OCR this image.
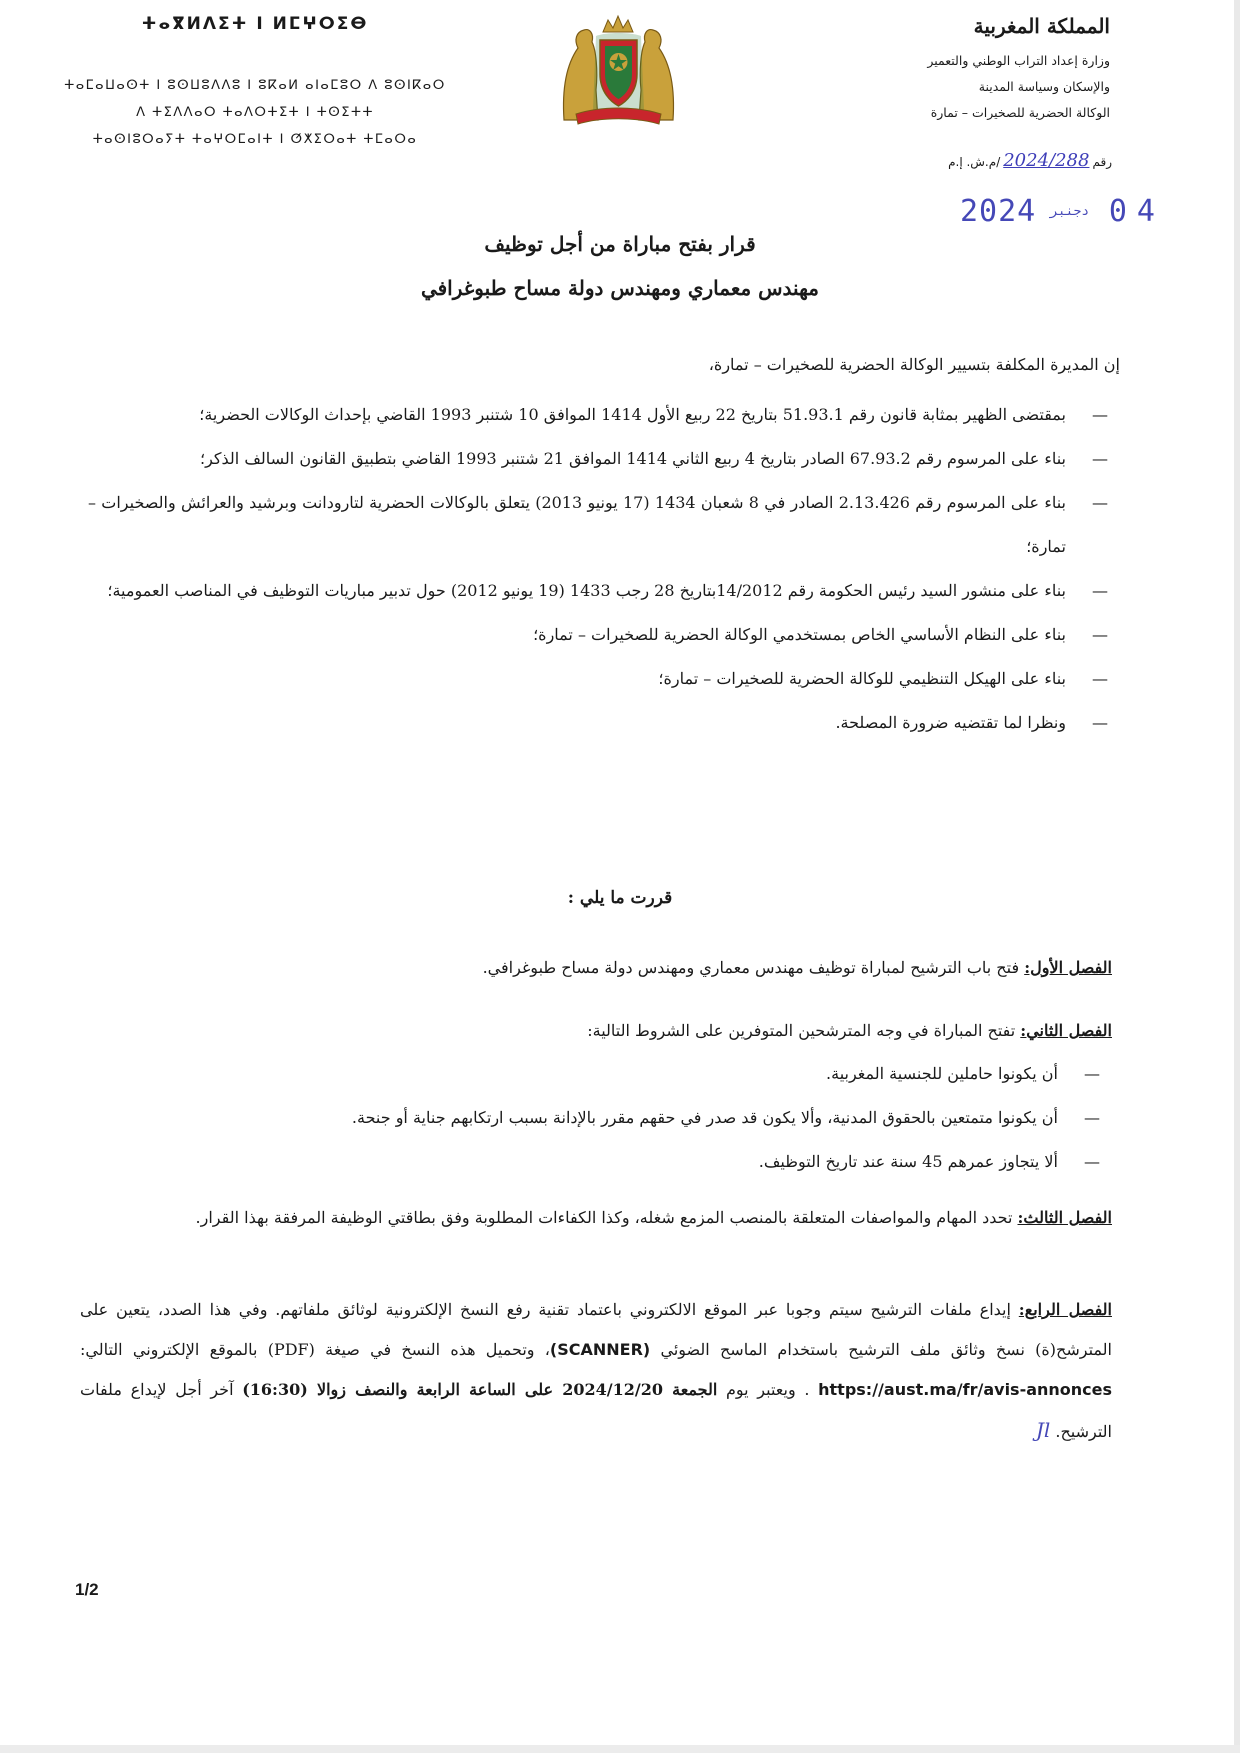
المملكة المغربية
وزارة إعداد التراب الوطني والتعمير
والإسكان وسياسة المدينة
الوكالة الحضرية للصخيرات – تمارة
رقم2024/288/م.ش. إ.م
2024 دجنبر 04
ⵜⴰⴳⵍⴷⵉⵜ ⵏ ⵍⵎⵖⵔⵉⴱ
ⵜⴰⵎⴰⵡⴰⵙⵜ ⵏ ⵓⵙⵡⵓⴷⴷⵓ ⵏ ⵓⴽⴰⵍ ⴰⵏⴰⵎⵓⵔ ⴷ ⵓⵙⵏⴽⴰⵔ
ⴷ ⵜⵉⴷⴷⴰⵔ ⵜⴰⴷⵔⵜⵉⵜ ⵏ ⵜⵙⵉⵜⵜ
ⵜⴰⵙⵏⵓⵔⴰⵢⵜ ⵜⴰⵖⵔⵎⴰⵏⵜ ⵏ ⵚⵅⵉⵔⴰⵜ ⵜⵎⴰⵔⴰ
قرار بفتح مباراة من أجل توظيف
مهندس معماري ومهندس دولة مساح طبوغرافي
إن المديرة المكلفة بتسيير الوكالة الحضرية للصخيرات – تمارة،
— بمقتضى الظهير بمثابة قانون رقم 51.93.1 بتاريخ 22 ربيع الأول 1414 الموافق 10 شتنبر 1993 القاضي بإحداث الوكالات الحضرية؛
— بناء على المرسوم رقم 67.93.2 الصادر بتاريخ 4 ربيع الثاني 1414 الموافق 21 شتنبر 1993 القاضي بتطبيق القانون السالف الذكر؛
— بناء على المرسوم رقم 2.13.426 الصادر في 8 شعبان 1434 (17 يونيو 2013) يتعلق بالوكالات الحضرية لتارودانت وبرشيد والعرائش والصخيرات – تمارة؛
— بناء على منشور السيد رئيس الحكومة رقم 14/2012بتاريخ 28 رجب 1433 (19 يونيو 2012) حول تدبير مباريات التوظيف في المناصب العمومية؛
— بناء على النظام الأساسي الخاص بمستخدمي الوكالة الحضرية للصخيرات – تمارة؛
— بناء على الهيكل التنظيمي للوكالة الحضرية للصخيرات – تمارة؛
— ونظرا لما تقتضيه ضرورة المصلحة.
قررت ما يلي :
الفصل الأول: فتح باب الترشيح لمباراة توظيف مهندس معماري ومهندس دولة مساح طبوغرافي.
الفصل الثاني: تفتح المباراة في وجه المترشحين المتوفرين على الشروط التالية:
— أن يكونوا حاملين للجنسية المغربية.
— أن يكونوا متمتعين بالحقوق المدنية، وألا يكون قد صدر في حقهم مقرر بالإدانة بسبب ارتكابهم جناية أو جنحة.
— ألا يتجاوز عمرهم 45 سنة عند تاريخ التوظيف.
الفصل الثالث: تحدد المهام والمواصفات المتعلقة بالمنصب المزمع شغله، وكذا الكفاءات المطلوبة وفق بطاقتي الوظيفة المرفقة بهذا القرار.
الفصل الرابع: إيداع ملفات الترشيح سيتم وجوبا عبر الموقع الالكتروني باعتماد تقنية رفع النسخ الإلكترونية لوثائق ملفاتهم. وفي هذا الصدد، يتعين على المترشح(ة) نسخ وثائق ملف الترشيح باستخدام الماسح الضوئي (SCANNER)، وتحميل هذه النسخ في صيغة (PDF) بالموقع الإلكتروني التالي: https://aust.ma/fr/avis-annonces . ويعتبر يوم الجمعة 2024/12/20 على الساعة الرابعة والنصف زوالا (16:30) آخر أجل لإيداع ملفات الترشيح. Jl
1/2
